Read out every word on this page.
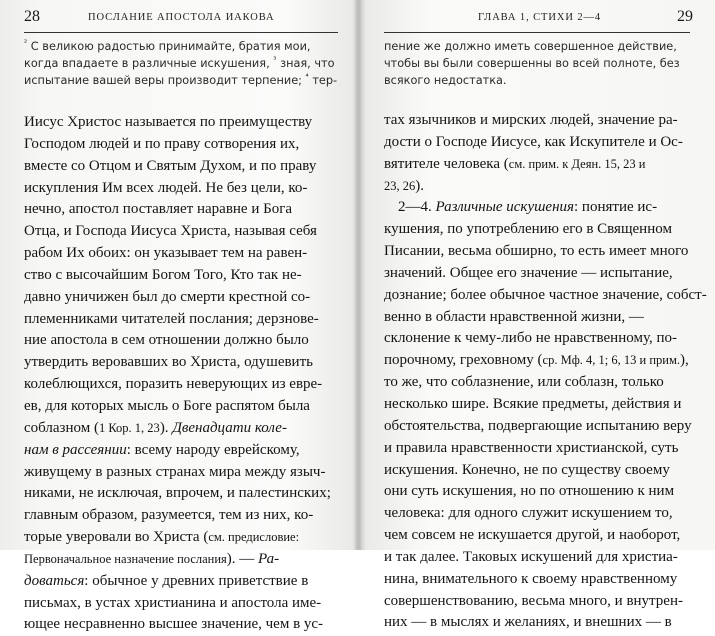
28	ПОСЛАНИЕ АПОСТОЛА ИАКОВА
$^{^2}$ С великою радостью принимайте, братия мои,
когда впадаете в различные искушения, $^{^3}$ зная, что
испытание вашей веры производит терпение; $^{^4}$ тер-
Иисус Христос называется по преимуществу
Господом людей и по праву сотворения их,
вместе со Отцом и Святым Духом, и по праву
искупления Им всех людей. Не без цели, ко-
нечно, апостол поставляет наравне и Бога
Отца, и Господа Иисуса Христа, называя себя
рабом Их обоих: он указывает тем на равен-
ство с высочайшим Богом Того, Кто так не-
давно уничижен был до смерти крестной со-
племенниками читателей послания; дерзнове-
ние апостола в сем отношении должно было
утвердить веровавших во Христа, одушевить
колеблющихся, поразить неверующих из евре-
ев, для которых мысль о Боге распятом была
соблазном (1 Кор. 1, 23). Двенадцати коле-
нам в рассеянии: всему народу еврейскому,
живущему в разных странах мира между языч-
никами, не исключая, впрочем, и палестинских;
главным образом, разумеется, тем из них, ко-
торые уверовали во Христа (см. предисловие:
Первоначальное назначение послания). — Ра-
доваться: обычное у древних приветствие в
письмах, в устах христианина и апостола име-
ющее несравненно высшее значение, чем в ус-
ГЛАВА 1, СТИХИ 2—4	29
пение же должно иметь совершенное действие,
чтобы вы были совершенны во всей полноте, без
всякого недостатка.
тах язычников и мирских людей, значение ра-
дости о Господе Иисусе, как Искупителе и Ос-
вятителе человека (см. прим. к Деян. 15, 23 и
23, 26).
2—4. Различные искушения: понятие ис-
кушения, по употреблению его в Священном
Писании, весьма обширно, то есть имеет много
значений. Общее его значение — испытание,
дознание; более обычное частное значение, собст-
венно в области нравственной жизни, —
склонение к чему-либо не нравственному, по-
порочному, греховному (ср. Мф. 4, 1; 6, 13 и прим.),
то же, что соблазнение, или соблазн, только
несколько шире. Всякие предметы, действия и
обстоятельства, подвергающие испытанию веру
и правила нравственности христианской, суть
искушения. Конечно, не по существу своему
они суть искушения, но по отношению к ним
человека: для одного служит искушением то,
чем совсем не искушается другой, и наоборот,
и так далее. Таковых искушений для христиа-
нина, внимательного к своему нравственному
совершенствованию, весьма много, и внутрен-
них — в мыслях и желаниях, и внешних — в
